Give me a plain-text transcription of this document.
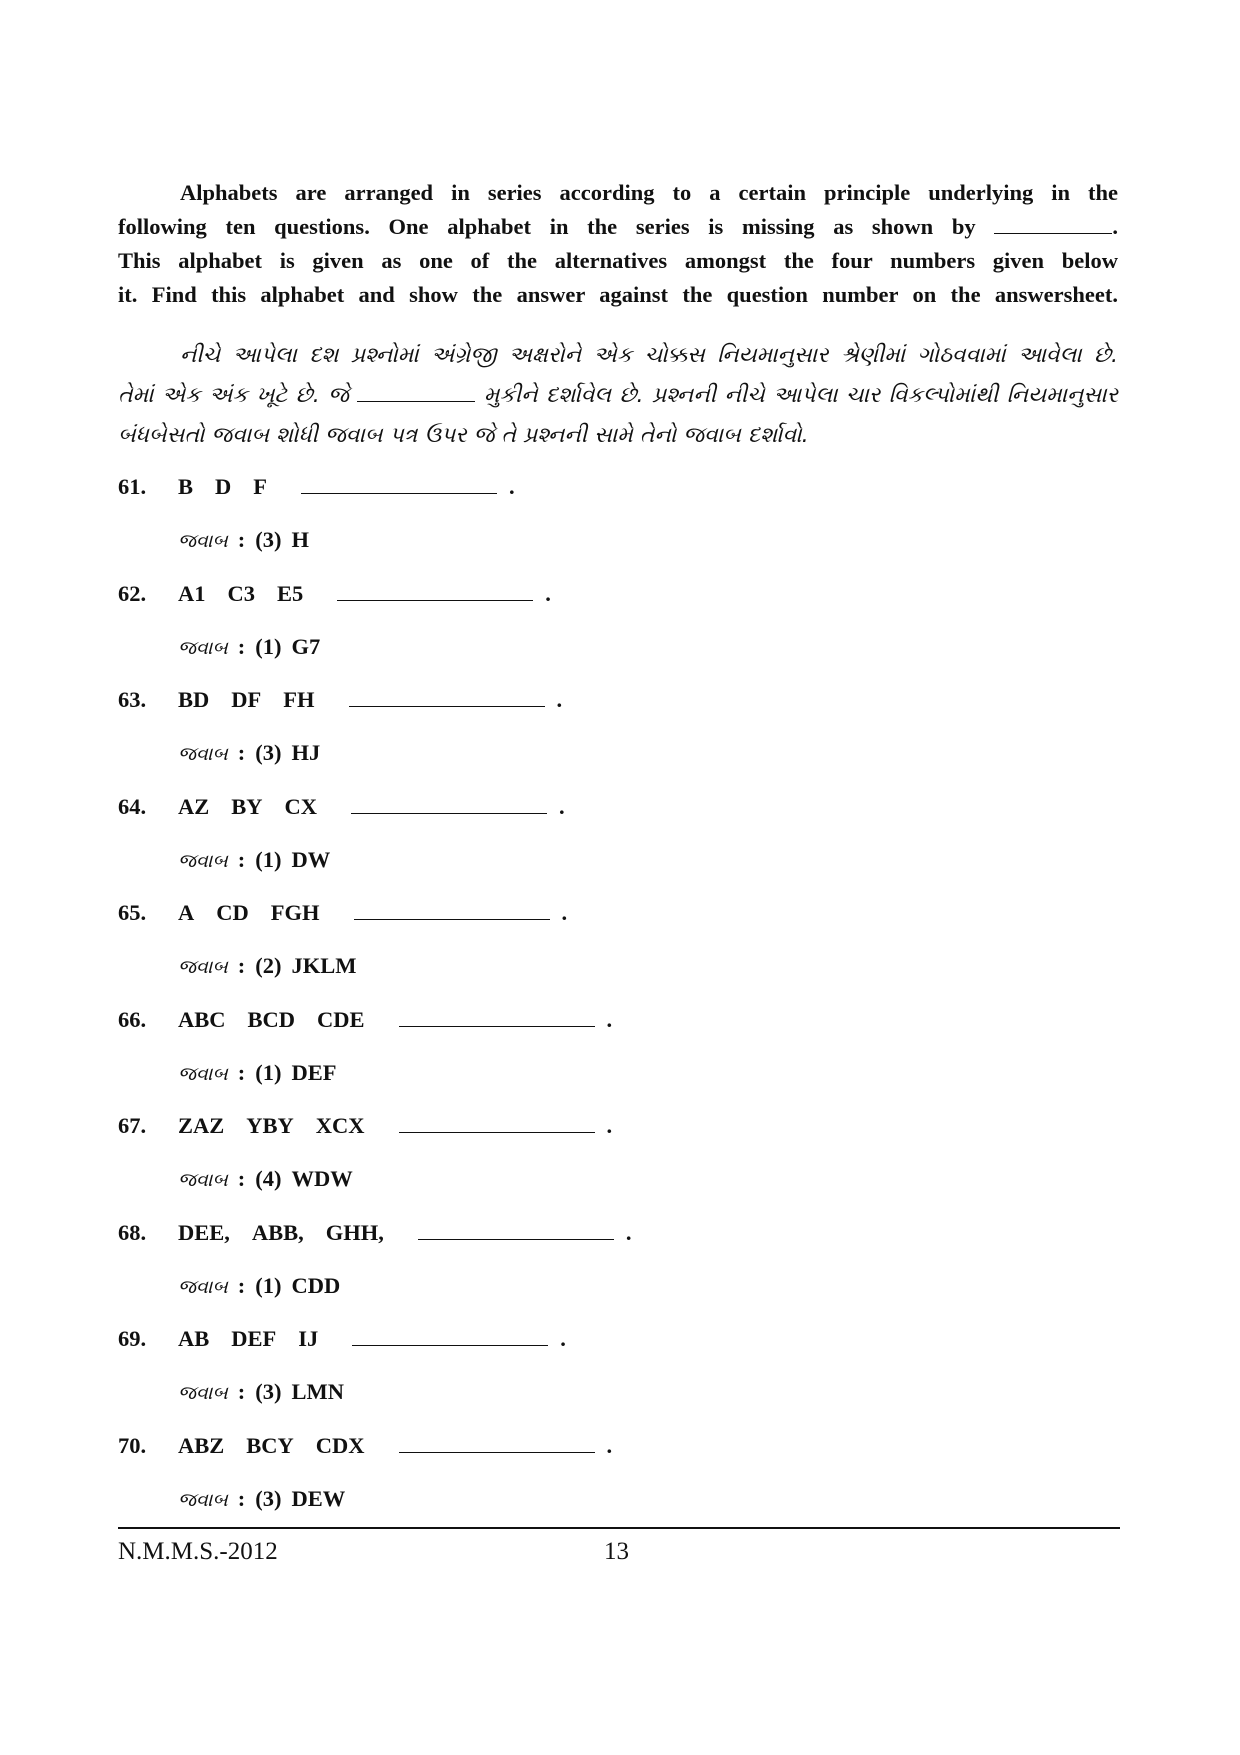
Alphabets are arranged in series according to a certain principle underlying in the
following ten questions. One alphabet in the series is missing as shown by	.
This alphabet is given as one of the alternatives amongst the four numbers given below
it. Find this alphabet and show the answer against the question number on the answersheet.
નીચે આપેલા દશ પ્રશ્નોમાં અંગ્રેજી અક્ષરોને એક ચોક્કસ નિયમાનુસાર શ્રેણીમાં ગોઠવવામાં આવેલા છે.
તેમાં એક અંક ખૂટે છે. જે	મુકીને દર્શાવેલ છે. પ્રશ્નની નીચે આપેલા ચાર વિકલ્પોમાંથી નિયમાનુસાર
બંધબેસતો જવાબ શોધી જવાબ પત્ર ઉપર જે તે પ્રશ્નની સામે તેનો જવાબ દર્શાવો.
61. B D F	.
જવાબ : (3) H
62. A1 C3 E5	.
જવાબ : (1) G7
63. BD DF FH	.
જવાબ : (3) HJ
64. AZ BY CX	.
જવાબ : (1) DW
65. A CD FGH	.
જવાબ : (2) JKLM
66. ABC BCD CDE	.
જવાબ : (1) DEF
67. ZAZ YBY XCX	.
જવાબ : (4) WDW
68. DEE, ABB, GHH,	.
જવાબ : (1) CDD
69. AB DEF IJ	.
જવાબ : (3) LMN
70. ABZ BCY CDX	.
જવાબ : (3) DEW
N.M.M.S.-2012	13
